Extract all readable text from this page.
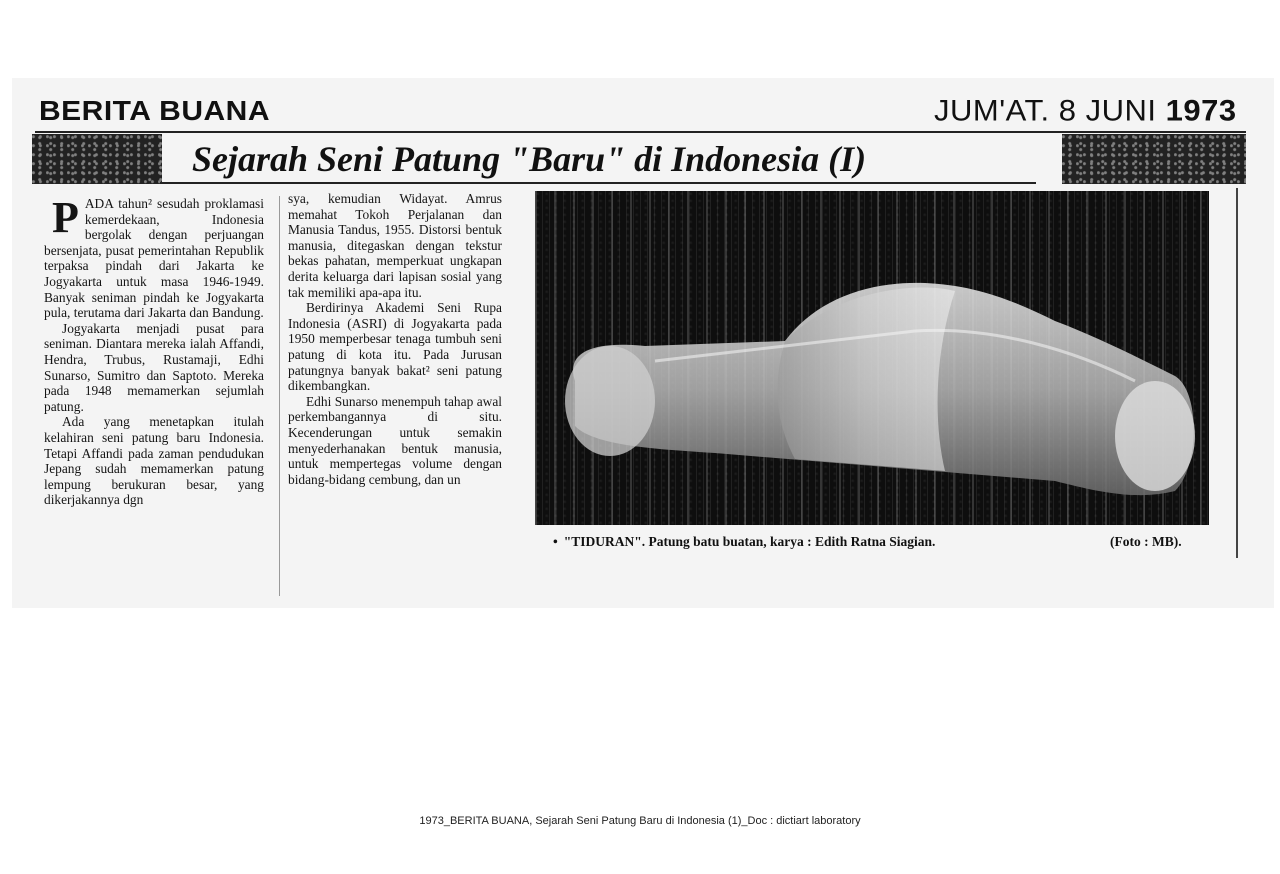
BERITA BUANA	JUM'AT. 8 JUNI 1973
Sejarah Seni Patung "Baru" di Indonesia (I)
P ADA tahun² sesudah proklamasi kemerdekaan, Indonesia bergolak dengan perjuangan bersenjata, pusat pemerintahan Republik terpaksa pindah dari Jakarta ke Jogyakarta untuk masa 1946-1949. Banyak seniman pindah ke Jogyakarta pula, terutama dari Jakarta dan Bandung.

Jogyakarta menjadi pusat para seniman. Diantara mereka ialah Affandi, Hendra, Trubus, Rustamaji, Edhi Sunarso, Sumitro dan Saptoto. Mereka pada 1948 memamerkan sejumlah patung.

Ada yang menetapkan itulah kelahiran seni patung baru Indonesia. Tetapi Affandi pada zaman pendudukan Jepang sudah memamerkan patung lempung berukuran besar, yang dikerjakannya dgn

sya, kemudian Widayat. Amrus memahat Tokoh Perjalanan dan Manusia Tandus, 1955. Distorsi bentuk manusia, ditegaskan dengan tekstur bekas pahatan, memperkuat ungkapan derita keluarga dari lapisan sosial yang tak memiliki apa-apa itu.

Berdirinya Akademi Seni Rupa Indonesia (ASRI) di Jogyakarta pada 1950 memperbesar tenaga tumbuh seni patung di kota itu. Pada Jurusan patungnya banyak bakat² seni patung dikembangkan.

Edhi Sunarso menempuh tahap awal perkembangannya di situ. Kecenderungan untuk semakin menyederhanakan bentuk manusia, untuk mempertegas volume dengan bidang-bidang cembung, dan un

• "TIDURAN". Patung batu buatan, karya : Edith Ratna Siagian.	(Foto : MB).
1973_BERITA BUANA, Sejarah Seni Patung Baru di Indonesia (1)_Doc : dictiart laboratory
